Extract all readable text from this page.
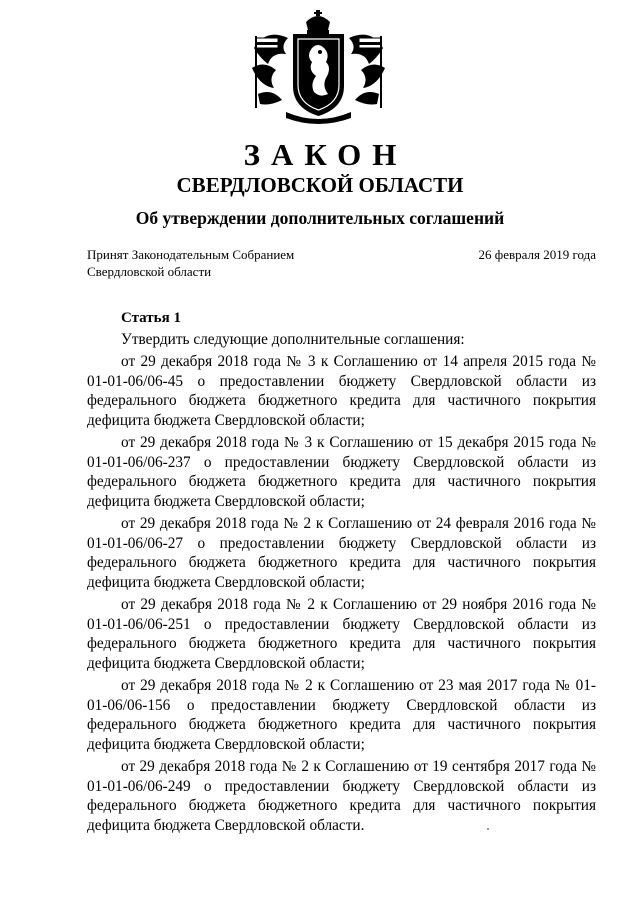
ЗАКОН
СВЕРДЛОВСКОЙ ОБЛАСТИ
Об утверждении дополнительных соглашений
Принят Законодательным Собранием
Свердловской области
26 февраля 2019 года
Статья 1

Утвердить следующие дополнительные соглашения:

от 29 декабря 2018 года № 3 к Соглашению от 14 апреля 2015 года № 01-01-06/06-45 о предоставлении бюджету Свердловской области из федерального бюджета бюджетного кредита для частичного покрытия дефицита бюджета Свердловской области;

от 29 декабря 2018 года № 3 к Соглашению от 15 декабря 2015 года № 01-01-06/06-237 о предоставлении бюджету Свердловской области из федерального бюджета бюджетного кредита для частичного покрытия дефицита бюджета Свердловской области;

от 29 декабря 2018 года № 2 к Соглашению от 24 февраля 2016 года № 01-01-06/06-27 о предоставлении бюджету Свердловской области из федерального бюджета бюджетного кредита для частичного покрытия дефицита бюджета Свердловской области;

от 29 декабря 2018 года № 2 к Соглашению от 29 ноября 2016 года № 01-01-06/06-251 о предоставлении бюджету Свердловской области из федерального бюджета бюджетного кредита для частичного покрытия дефицита бюджета Свердловской области;

от 29 декабря 2018 года № 2 к Соглашению от 23 мая 2017 года № 01-01-06/06-156 о предоставлении бюджету Свердловской области из федерального бюджета бюджетного кредита для частичного покрытия дефицита бюджета Свердловской области;

от 29 декабря 2018 года № 2 к Соглашению от 19 сентября 2017 года № 01-01-06/06-249 о предоставлении бюджету Свердловской области из федерального бюджета бюджетного кредита для частичного покрытия дефицита бюджета Свердловской области.
